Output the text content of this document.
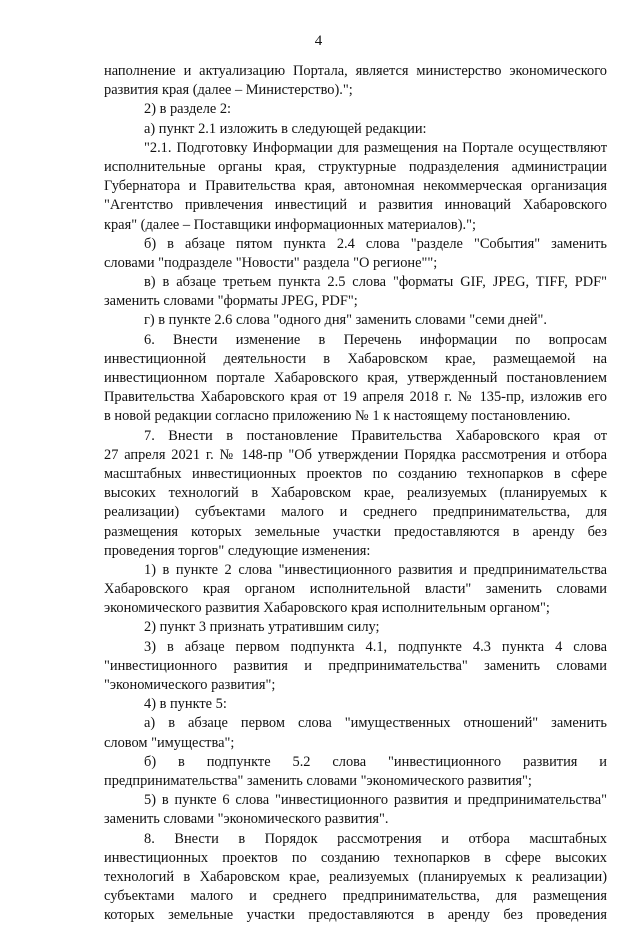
4
наполнение и актуализацию Портала, является министерство экономического
развития края (далее – Министерство).";
2) в разделе 2:
а) пункт 2.1 изложить в следующей редакции:
"2.1. Подготовку Информации для размещения на Портале осуществляют
исполнительные органы края, структурные подразделения администрации
Губернатора и Правительства края, автономная некоммерческая организация
"Агентство привлечения инвестиций и развития инноваций Хабаровского
края" (далее – Поставщики информационных материалов).";
б) в абзаце пятом пункта 2.4 слова "разделе "События" заменить
словами "подразделе "Новости" раздела "О регионе"";
в) в абзаце третьем пункта 2.5 слова "форматы GIF, JPEG, TIFF, PDF"
заменить словами "форматы JPEG, PDF";
г) в пункте 2.6 слова "одного дня" заменить словами "семи дней".
6. Внести изменение в Перечень информации по вопросам
инвестиционной деятельности в Хабаровском крае, размещаемой на
инвестиционном портале Хабаровского края, утвержденный постановлением
Правительства Хабаровского края от 19 апреля 2018 г. № 135-пр, изложив его
в новой редакции согласно приложению № 1 к настоящему постановлению.
7. Внести в постановление Правительства Хабаровского края от
27 апреля 2021 г. № 148-пр "Об утверждении Порядка рассмотрения и отбора
масштабных инвестиционных проектов по созданию технопарков в сфере
высоких технологий в Хабаровском крае, реализуемых (планируемых к
реализации) субъектами малого и среднего предпринимательства, для
размещения которых земельные участки предоставляются в аренду без
проведения торгов" следующие изменения:
1) в пункте 2 слова "инвестиционного развития и предпринимательства
Хабаровского края органом исполнительной власти" заменить словами
экономического развития Хабаровского края исполнительным органом";
2) пункт 3 признать утратившим силу;
3) в абзаце первом подпункта 4.1, подпункте 4.3 пункта 4 слова
"инвестиционного развития и предпринимательства" заменить словами
"экономического развития";
4) в пункте 5:
а) в абзаце первом слова "имущественных отношений" заменить
словом "имущества";
б) в подпункте 5.2 слова "инвестиционного развития и
предпринимательства" заменить словами "экономического развития";
5) в пункте 6 слова "инвестиционного развития и предпринимательства"
заменить словами "экономического развития".
8. Внести в Порядок рассмотрения и отбора масштабных
инвестиционных проектов по созданию технопарков в сфере высоких
технологий в Хабаровском крае, реализуемых (планируемых к реализации)
субъектами малого и среднего предпринимательства, для размещения
которых земельные участки предоставляются в аренду без проведения
